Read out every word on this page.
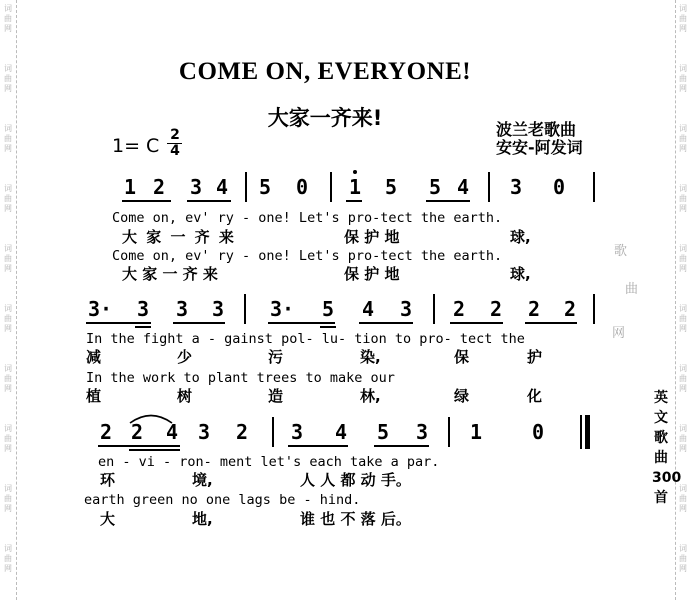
词
曲
网
词
曲
网
词
曲
网
词
曲
网
词
曲
网
词
曲
网
词
曲
网
词
曲
网
词
曲
网
词
曲
网
词
曲
网
词
曲
网
词
曲
网
词
曲
网
词
曲
网
词
曲
网
词
曲
网
词
曲
网
词
曲
网
词
曲
网
歌
曲
网
英文歌曲300首
COME ON, EVERYONE!
大家一齐来!	波兰老歌曲
安安-阿发词
1= C 2
4
1 2 3 4 5 0 1 5 5 4 3 0
Come on, ev' ry - one! Let's pro-tect the earth.
大 家 一 齐 来	保 护 地	球,
Come on, ev' ry - one! Let's pro-tect the earth.
大 家 一 齐 来	保 护 地	球,
3· 3 3 3 3· 5 4 3 2 2 2 2
In the fight a - gainst pol- lu- tion to pro- tect the
减	少	污	染,	保	护
In the work to plant trees to make our
植	树	造	林,	绿	化
2 2 4 3 2 3 4 5 3 1 0
en - vi - ron- ment let's each take a par.
环	境,	人 人 都 动 手。
earth green no one lags be - hind.
大	地,	谁 也 不 落 后。
